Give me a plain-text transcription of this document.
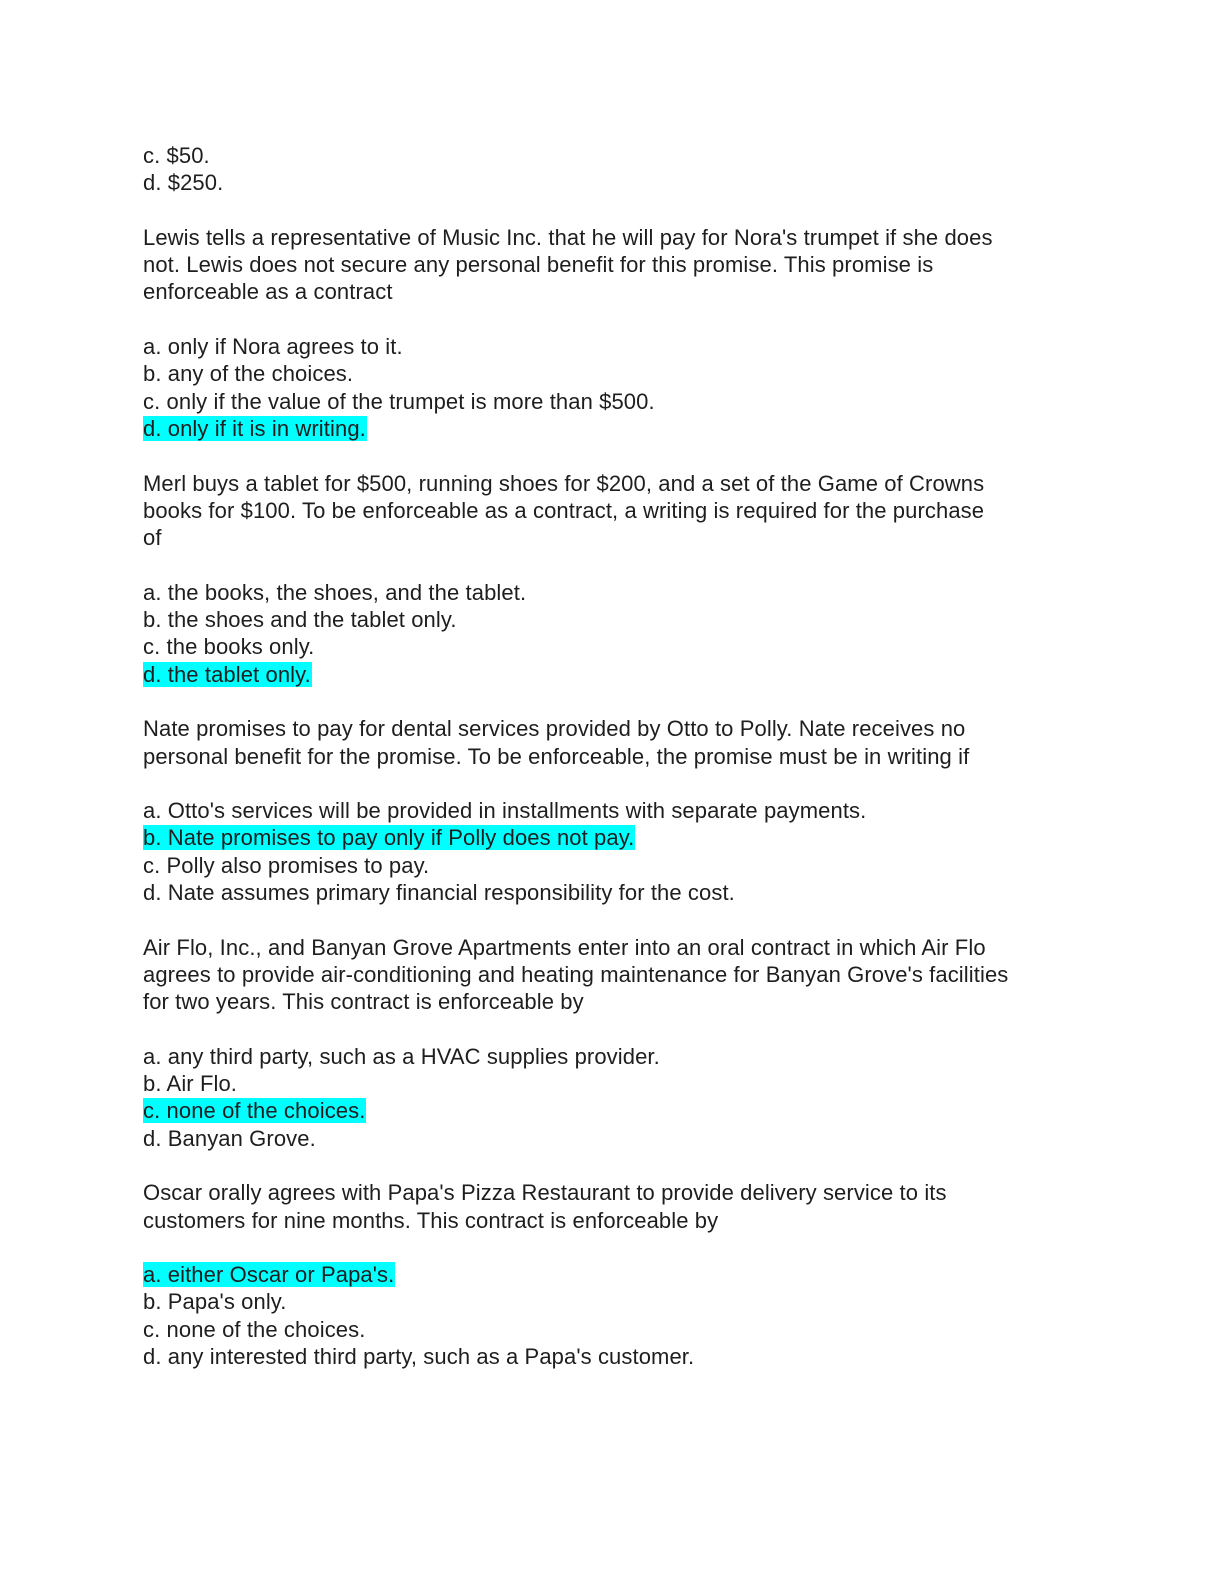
c. $50.
d. $250.
Lewis tells a representative of Music Inc. that he will pay for Nora's trumpet if she does
not. Lewis does not secure any personal benefit for this promise. This promise is
enforceable as a contract
a. only if Nora agrees to it.
b. any of the choices.
c. only if the value of the trumpet is more than $500.
d. only if it is in writing.
Merl buys a tablet for $500, running shoes for $200, and a set of the Game of Crowns
books for $100. To be enforceable as a contract, a writing is required for the purchase
of
a. the books, the shoes, and the tablet.
b. the shoes and the tablet only.
c. the books only.
d. the tablet only.
Nate promises to pay for dental services provided by Otto to Polly. Nate receives no
personal benefit for the promise. To be enforceable, the promise must be in writing if
a. Otto's services will be provided in installments with separate payments.
b. Nate promises to pay only if Polly does not pay.
c. Polly also promises to pay.
d. Nate assumes primary financial responsibility for the cost.
Air Flo, Inc., and Banyan Grove Apartments enter into an oral contract in which Air Flo
agrees to provide air-conditioning and heating maintenance for Banyan Grove's facilities
for two years. This contract is enforceable by
a. any third party, such as a HVAC supplies provider.
b. Air Flo.
c. none of the choices.
d. Banyan Grove.
Oscar orally agrees with Papa's Pizza Restaurant to provide delivery service to its
customers for nine months. This contract is enforceable by
a. either Oscar or Papa's.
b. Papa's only.
c. none of the choices.
d. any interested third party, such as a Papa's customer.
